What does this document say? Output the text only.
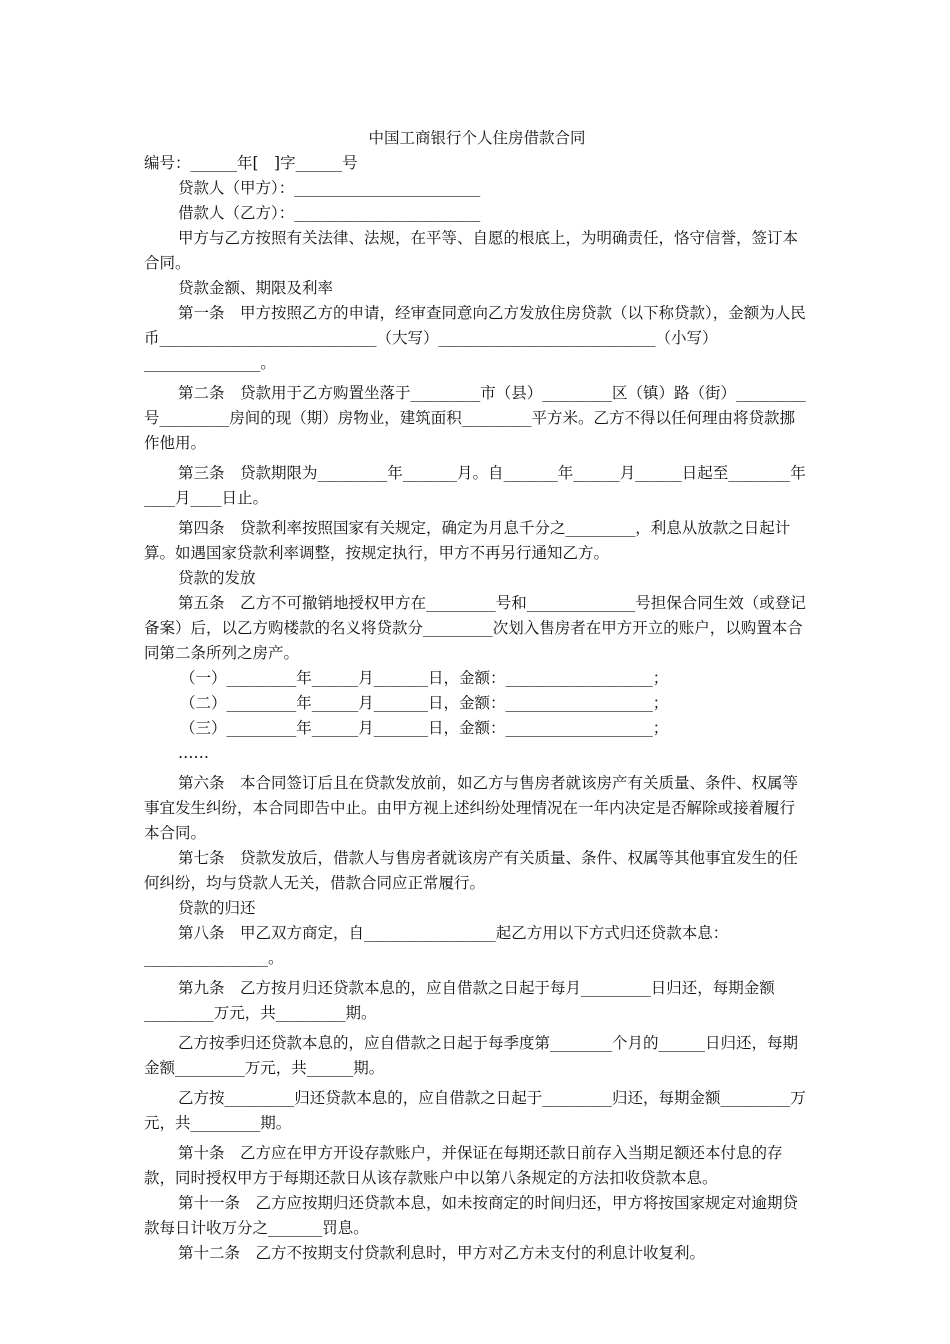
中国工商银行个人住房借款合同

编号：______年[　]字______号

贷款人（甲方）：________________________

借款人（乙方）：________________________

甲方与乙方按照有关法律、法规，在平等、自愿的根底上，为明确责任，恪守信誉，签订本合同。

贷款金额、期限及利率

第一条　甲方按照乙方的申请，经审查同意向乙方发放住房贷款（以下称贷款），金额为人民币____________________________（大写）____________________________（小写）_______________。

第二条　贷款用于乙方购置坐落于_________市（县）_________区（镇）路（街）_________号_________房间的现（期）房物业，建筑面积_________平方米。乙方不得以任何理由将贷款挪作他用。

第三条　贷款期限为_________年_______月。自_______年______月______日起至________年____月____日止。

第四条　贷款利率按照国家有关规定，确定为月息千分之_________，利息从放款之日起计算。如遇国家贷款利率调整，按规定执行，甲方不再另行通知乙方。

贷款的发放

第五条　乙方不可撤销地授权甲方在_________号和______________号担保合同生效（或登记备案）后，以乙方购楼款的名义将贷款分_________次划入售房者在甲方开立的账户，以购置本合同第二条所列之房产。

（一）_________年______月_______日，金额：___________________；

（二）_________年______月_______日，金额：___________________；

（三）_________年______月_______日，金额：___________________；

……

第六条　本合同签订后且在贷款发放前，如乙方与售房者就该房产有关质量、条件、权属等事宜发生纠纷，本合同即告中止。由甲方视上述纠纷处理情况在一年内决定是否解除或接着履行本合同。

第七条　贷款发放后，借款人与售房者就该房产有关质量、条件、权属等其他事宜发生的任何纠纷，均与贷款人无关，借款合同应正常履行。

贷款的归还

第八条　甲乙双方商定，自_________________起乙方用以下方式归还贷款本息：________________。

第九条　乙方按月归还贷款本息的，应自借款之日起于每月_________日归还，每期金额_________万元，共_________期。

乙方按季归还贷款本息的，应自借款之日起于每季度第________个月的______日归还，每期金额_________万元，共______期。

乙方按_________归还贷款本息的，应自借款之日起于_________归还，每期金额_________万元，共_________期。

第十条　乙方应在甲方开设存款账户，并保证在每期还款日前存入当期足额还本付息的存款，同时授权甲方于每期还款日从该存款账户中以第八条规定的方法扣收贷款本息。

第十一条　乙方应按期归还贷款本息，如未按商定的时间归还，甲方将按国家规定对逾期贷款每日计收万分之_______罚息。

第十二条　乙方不按期支付贷款利息时，甲方对乙方未支付的利息计收复利。
